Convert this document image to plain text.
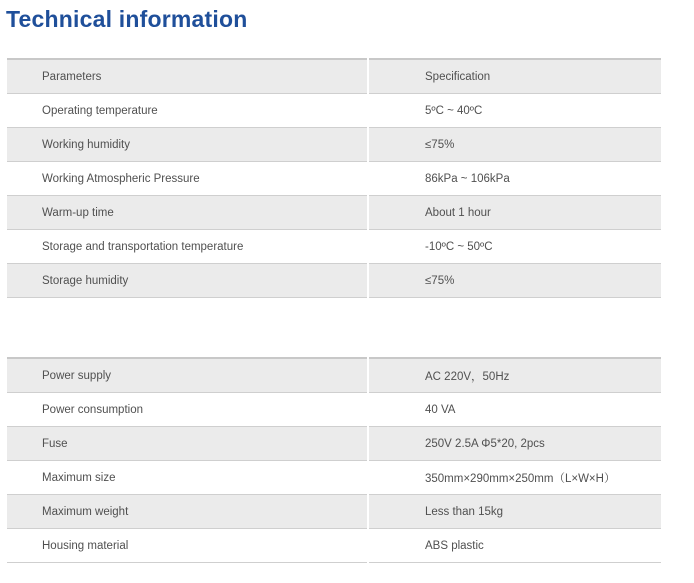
Technical information
Parameters	Specification
Operating temperature	5ºC ~ 40ºC
Working humidity	≤75%
Working Atmospheric Pressure	86kPa ~ 106kPa
Warm-up time	About 1 hour
Storage and transportation temperature	-10ºC ~ 50ºC
Storage humidity	≤75%
Power supply	AC 220V，50Hz
Power consumption	40 VA
Fuse	250V 2.5A Φ5*20, 2pcs
Maximum size	350mm×290mm×250mm（L×W×H）
Maximum weight	Less than 15kg
Housing material	ABS plastic
